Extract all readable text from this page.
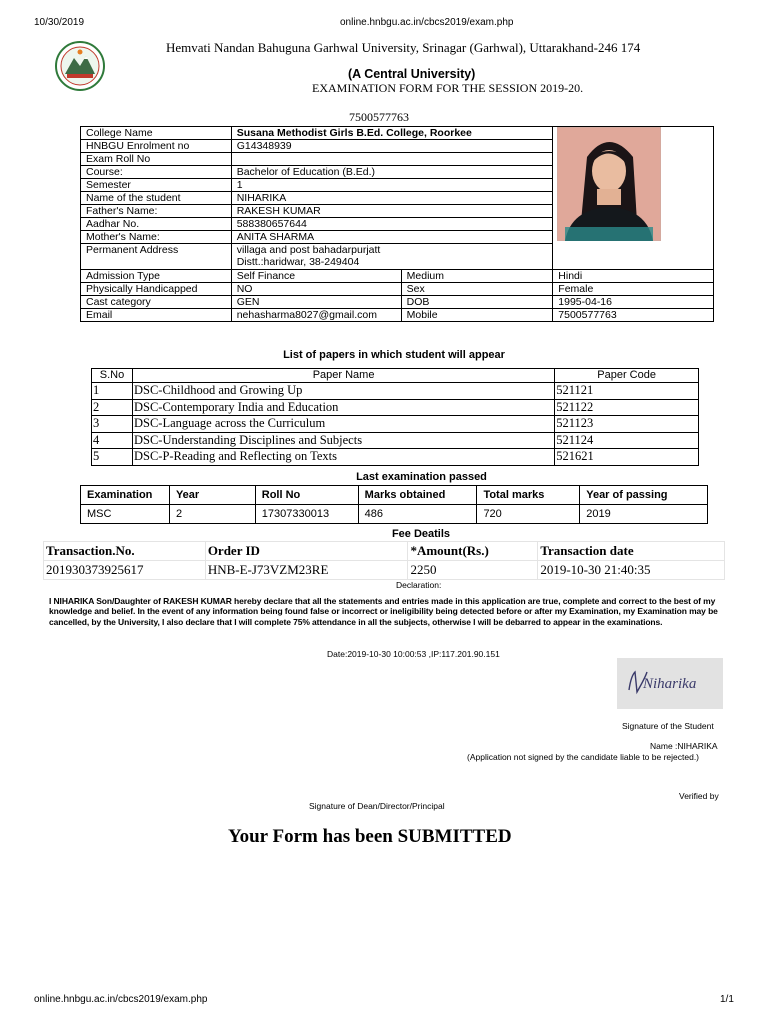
10/30/2019	online.hnbgu.ac.in/cbcs2019/exam.php
Hemvati Nandan Bahuguna Garhwal University, Srinagar (Garhwal), Uttarakhand-246 174
(A Central University)
EXAMINATION FORM FOR THE SESSION 2019-20.
7500577763
College Name	Susana Methodist Girls B.Ed. College, Roorkee	

HNBGU Enrolment no	G14348939		
Exam Roll No			
Course:	Bachelor of Education (B.Ed.)		
Semester	1		
Name of the student	NIHARIKA		
Father's Name:	RAKESH KUMAR		
Aadhar No.	588380657644		
Mother's Name:	ANITA SHARMA		
Permanent Address	villaga and post bahadarpurjatt
Distt.:haridwar, 38-249404		

Admission Type	Self Finance	Medium	Hindi
Physically Handicapped	NO	Sex	Female
Cast category	GEN	DOB	1995-04-16
Email	nehasharma8027@gmail.com	Mobile	7500577763
List of papers in which student will appear
S.No	Paper Name	Paper Code
1	DSC-Childhood and Growing Up	521121
2	DSC-Contemporary India and Education	521122
3	DSC-Language across the Curriculum	521123
4	DSC-Understanding Disciplines and Subjects	521124
5	DSC-P-Reading and Reflecting on Texts	521621
Last examination passed
Examination	Year	Roll No	Marks obtained	Total marks	Year of passing
MSC	2	17307330013	486	720	2019
Fee Deatils
Transaction.No.	Order ID	*Amount(Rs.)	Transaction date
201930373925617	HNB-E-J73VZM23RE	2250	2019-10-30 21:40:35
Declaration:
I NIHARIKA Son/Daughter of RAKESH KUMAR hereby declare that all the statements and entries made in this application are true, complete and correct to the best of my knowledge and belief. In the event of any information being found false or incorrect or ineligibility being detected before or after my Examination, my Examination may be cancelled, by the University, I also declare that I will complete 75% attendance in all the subjects, otherwise I will be debarred to appear in the examinations.
Date:2019-10-30 10:00:53 ,IP:117.201.90.151
Niharika
Signature of the Student
Name :NIHARIKA
(Application not signed by the candidate liable to be rejected.)
Verified by
Signature of Dean/Director/Principal
Your Form has been SUBMITTED
online.hnbgu.ac.in/cbcs2019/exam.php	1/1
